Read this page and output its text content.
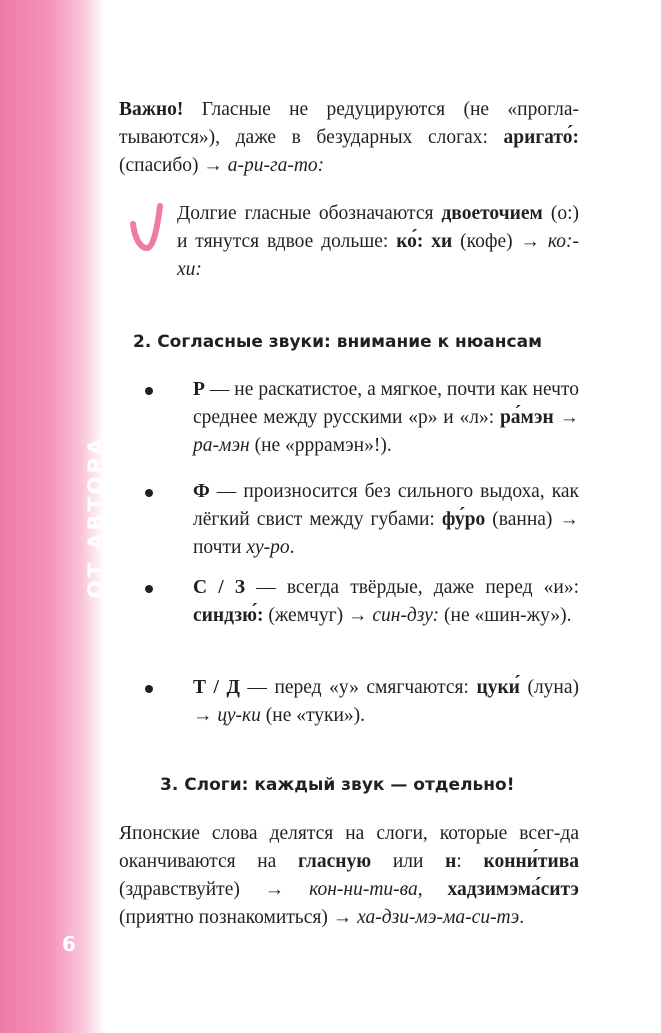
ОТ АВТОРА
6

Важно! Гласные не редуцируются (не «прогла-тываются»), даже в безударных слогах: аригато́: (спасибо) → а-ри-га-то:

Долгие гласные обозначаются двоеточием (о:) и тянутся вдвое дольше: ко́: хи (кофе) → ко:-хи:

2. Согласные звуки: внимание к нюансам

Р — не раскатистое, а мягкое, почти как нечто среднее между русскими «р» и «л»: ра́мэн → ра-мэн (не «ррpамэн»!).

Ф — произносится без сильного выдоха, как лёгкий свист между губами: фу́ро (ванна) → почти ху-ро.

С / З — всегда твёрдые, даже перед «и»: синдзю́: (жемчуг) → син-дзу: (не «шин-жу»).

Т / Д — перед «у» смягчаются: цуки́ (луна) → цу-ки (не «туки»).

3. Слоги: каждый звук — отдельно!

Японские слова делятся на слоги, которые всег-да оканчиваются на гласную или н: конни́тива (здравствуйте) → кон-ни-ти-ва, хадзимэма́ситэ (приятно познакомиться) → ха-дзи-мэ-ма-си-тэ.
